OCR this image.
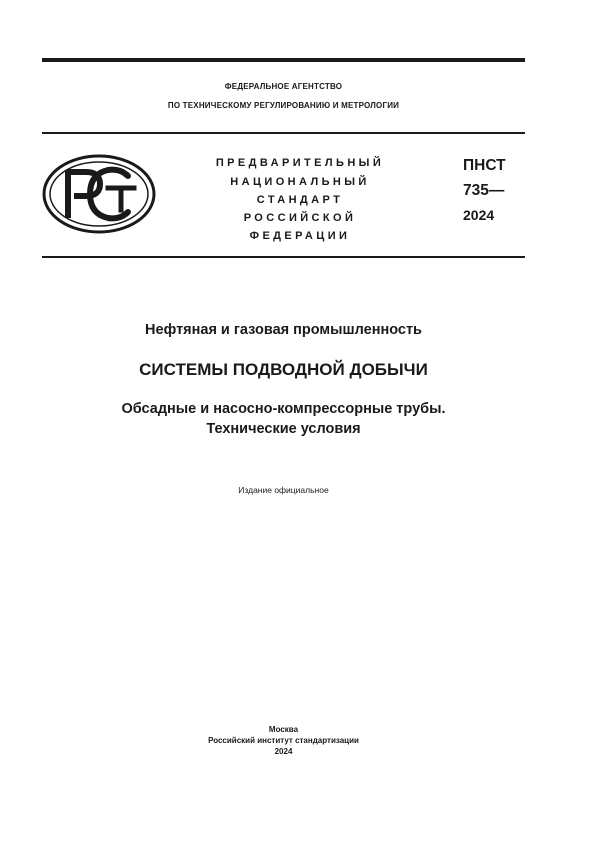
ФЕДЕРАЛЬНОЕ АГЕНТСТВО
ПО ТЕХНИЧЕСКОМУ РЕГУЛИРОВАНИЮ И МЕТРОЛОГИИ
ПРЕДВАРИТЕЛЬНЫЙ
НАЦИОНАЛЬНЫЙ
СТАНДАРТ
РОССИЙСКОЙ
ФЕДЕРАЦИИ
ПНСТ
735—
2024
Нефтяная и газовая промышленность
СИСТЕМЫ ПОДВОДНОЙ ДОБЫЧИ
Обсадные и насосно-компрессорные трубы.
Технические условия
Издание официальное
Москва
Российский институт стандартизации
2024
